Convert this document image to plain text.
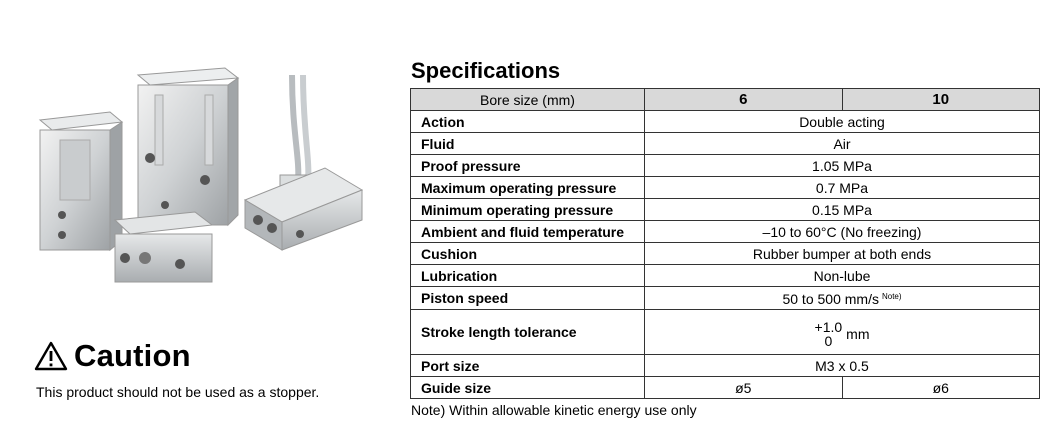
Caution
This product should not be used as a stopper.
Specifications
Bore size (mm)	6	10
Action	Double acting	
Fluid	Air	
Proof pressure	1.05 MPa	
Maximum operating pressure	0.7 MPa	
Minimum operating pressure	0.15 MPa	
Ambient and fluid temperature	–10 to 60°C (No freezing)	
Cushion	Rubber bumper at both ends	
Lubrication	Non-lube	
Piston speed	50 to 500 mm/s $^{Note)}$
Stroke length tolerance	+1.0
0 mm	

Port size	M3 x 0.5	
Guide size	ø5	ø6
Note) Within allowable kinetic energy use only
